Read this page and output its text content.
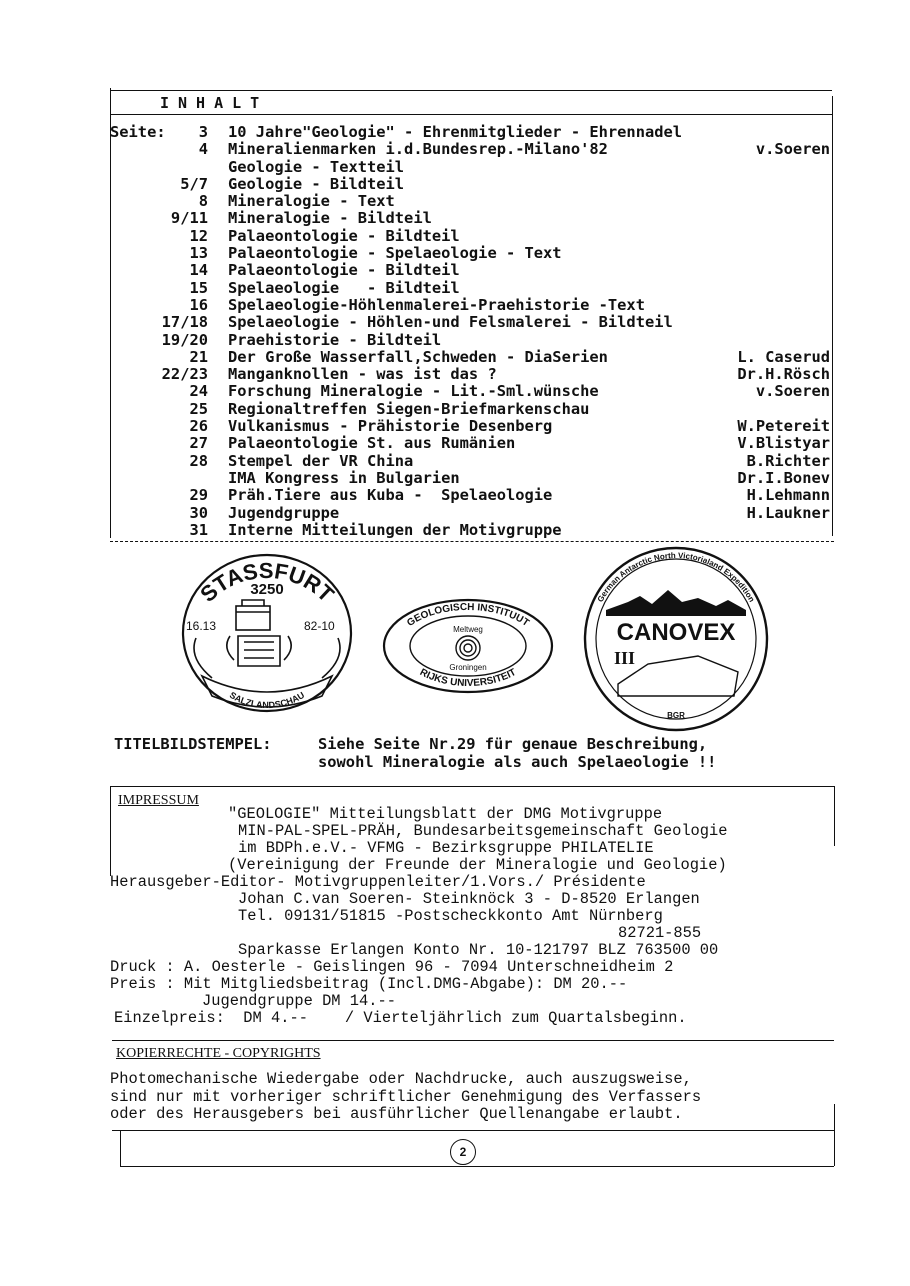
INHALT
Seite:	3 10 Jahre"Geologie" - Ehrenmitglieder - Ehrennadel
4 Mineralienmarken i.d.Bundesrep.-Milano'82	v.Soeren
Geologie - Textteil
5/7 Geologie - Bildteil
8 Mineralogie - Text
9/11 Mineralogie - Bildteil
12 Palaeontologie - Bildteil
13 Palaeontologie - Spelaeologie - Text
14 Palaeontologie - Bildteil
15 Spelaeologie   - Bildteil
16 Spelaeologie-Höhlenmalerei-Praehistorie -Text
17/18 Spelaeologie - Höhlen-und Felsmalerei - Bildteil
19/20 Praehistorie - Bildteil
21 Der Große Wasserfall,Schweden - DiaSerien	L. Caserud
22/23 Manganknollen - was ist das ?	Dr.H.Rösch
24 Forschung Mineralogie - Lit.-Sml.wünsche	v.Soeren
25 Regionaltreffen Siegen-Briefmarkenschau
26 Vulkanismus - Prähistorie Desenberg	W.Petereit
27 Palaeontologie St. aus Rumänien	V.Blistyar
28 Stempel der VR China	B.Richter
IMA Kongress in Bulgarien	Dr.I.Bonev
29 Präh.Tiere aus Kuba -  Spelaeologie	H.Lehmann
30 Jugendgruppe	H.Laukner
31 Interne Mitteilungen der Motivgruppe
STASSFURT
3250
16.13	82-10
SALZLANDSCHAU
GEOLOGISCH INSTITUUT
Meltweg
Groningen
RIJKS UNIVERSITEIT
German Antarctic North Victorialand Expedition
CANOVEX
III
BGR
TITELBILDSTEMPEL:	Siehe Seite Nr.29 für genaue Beschreibung,
sowohl Mineralogie als auch Spelaeologie !!
IMPRESSUM
"GEOLOGIE" Mitteilungsblatt der DMG Motivgruppe
MIN-PAL-SPEL-PRÄH, Bundesarbeitsgemeinschaft Geologie
im BDPh.e.V.- VFMG - Bezirksgruppe PHILATELIE
(Vereinigung der Freunde der Mineralogie und Geologie)
Herausgeber-Editor- Motivgruppenleiter/1.Vors./ Présidente
Johan C.van Soeren- Steinknöck 3 - D-8520 Erlangen
Tel. 09131/51815 -Postscheckkonto Amt Nürnberg
82721-855
Sparkasse Erlangen Konto Nr. 10-121797 BLZ 763500 00
Druck : A. Oesterle - Geislingen 96 - 7094 Unterschneidheim 2
Preis : Mit Mitgliedsbeitrag (Incl.DMG-Abgabe): DM 20.--
Jugendgruppe DM 14.--
Einzelpreis:  DM 4.--    / Vierteljährlich zum Quartalsbeginn.
KOPIERRECHTE - COPYRIGHTS
Photomechanische Wiedergabe oder Nachdrucke, auch auszugsweise,
sind nur mit vorheriger schriftlicher Genehmigung des Verfassers
oder des Herausgebers bei ausführlicher Quellenangabe erlaubt.
2
